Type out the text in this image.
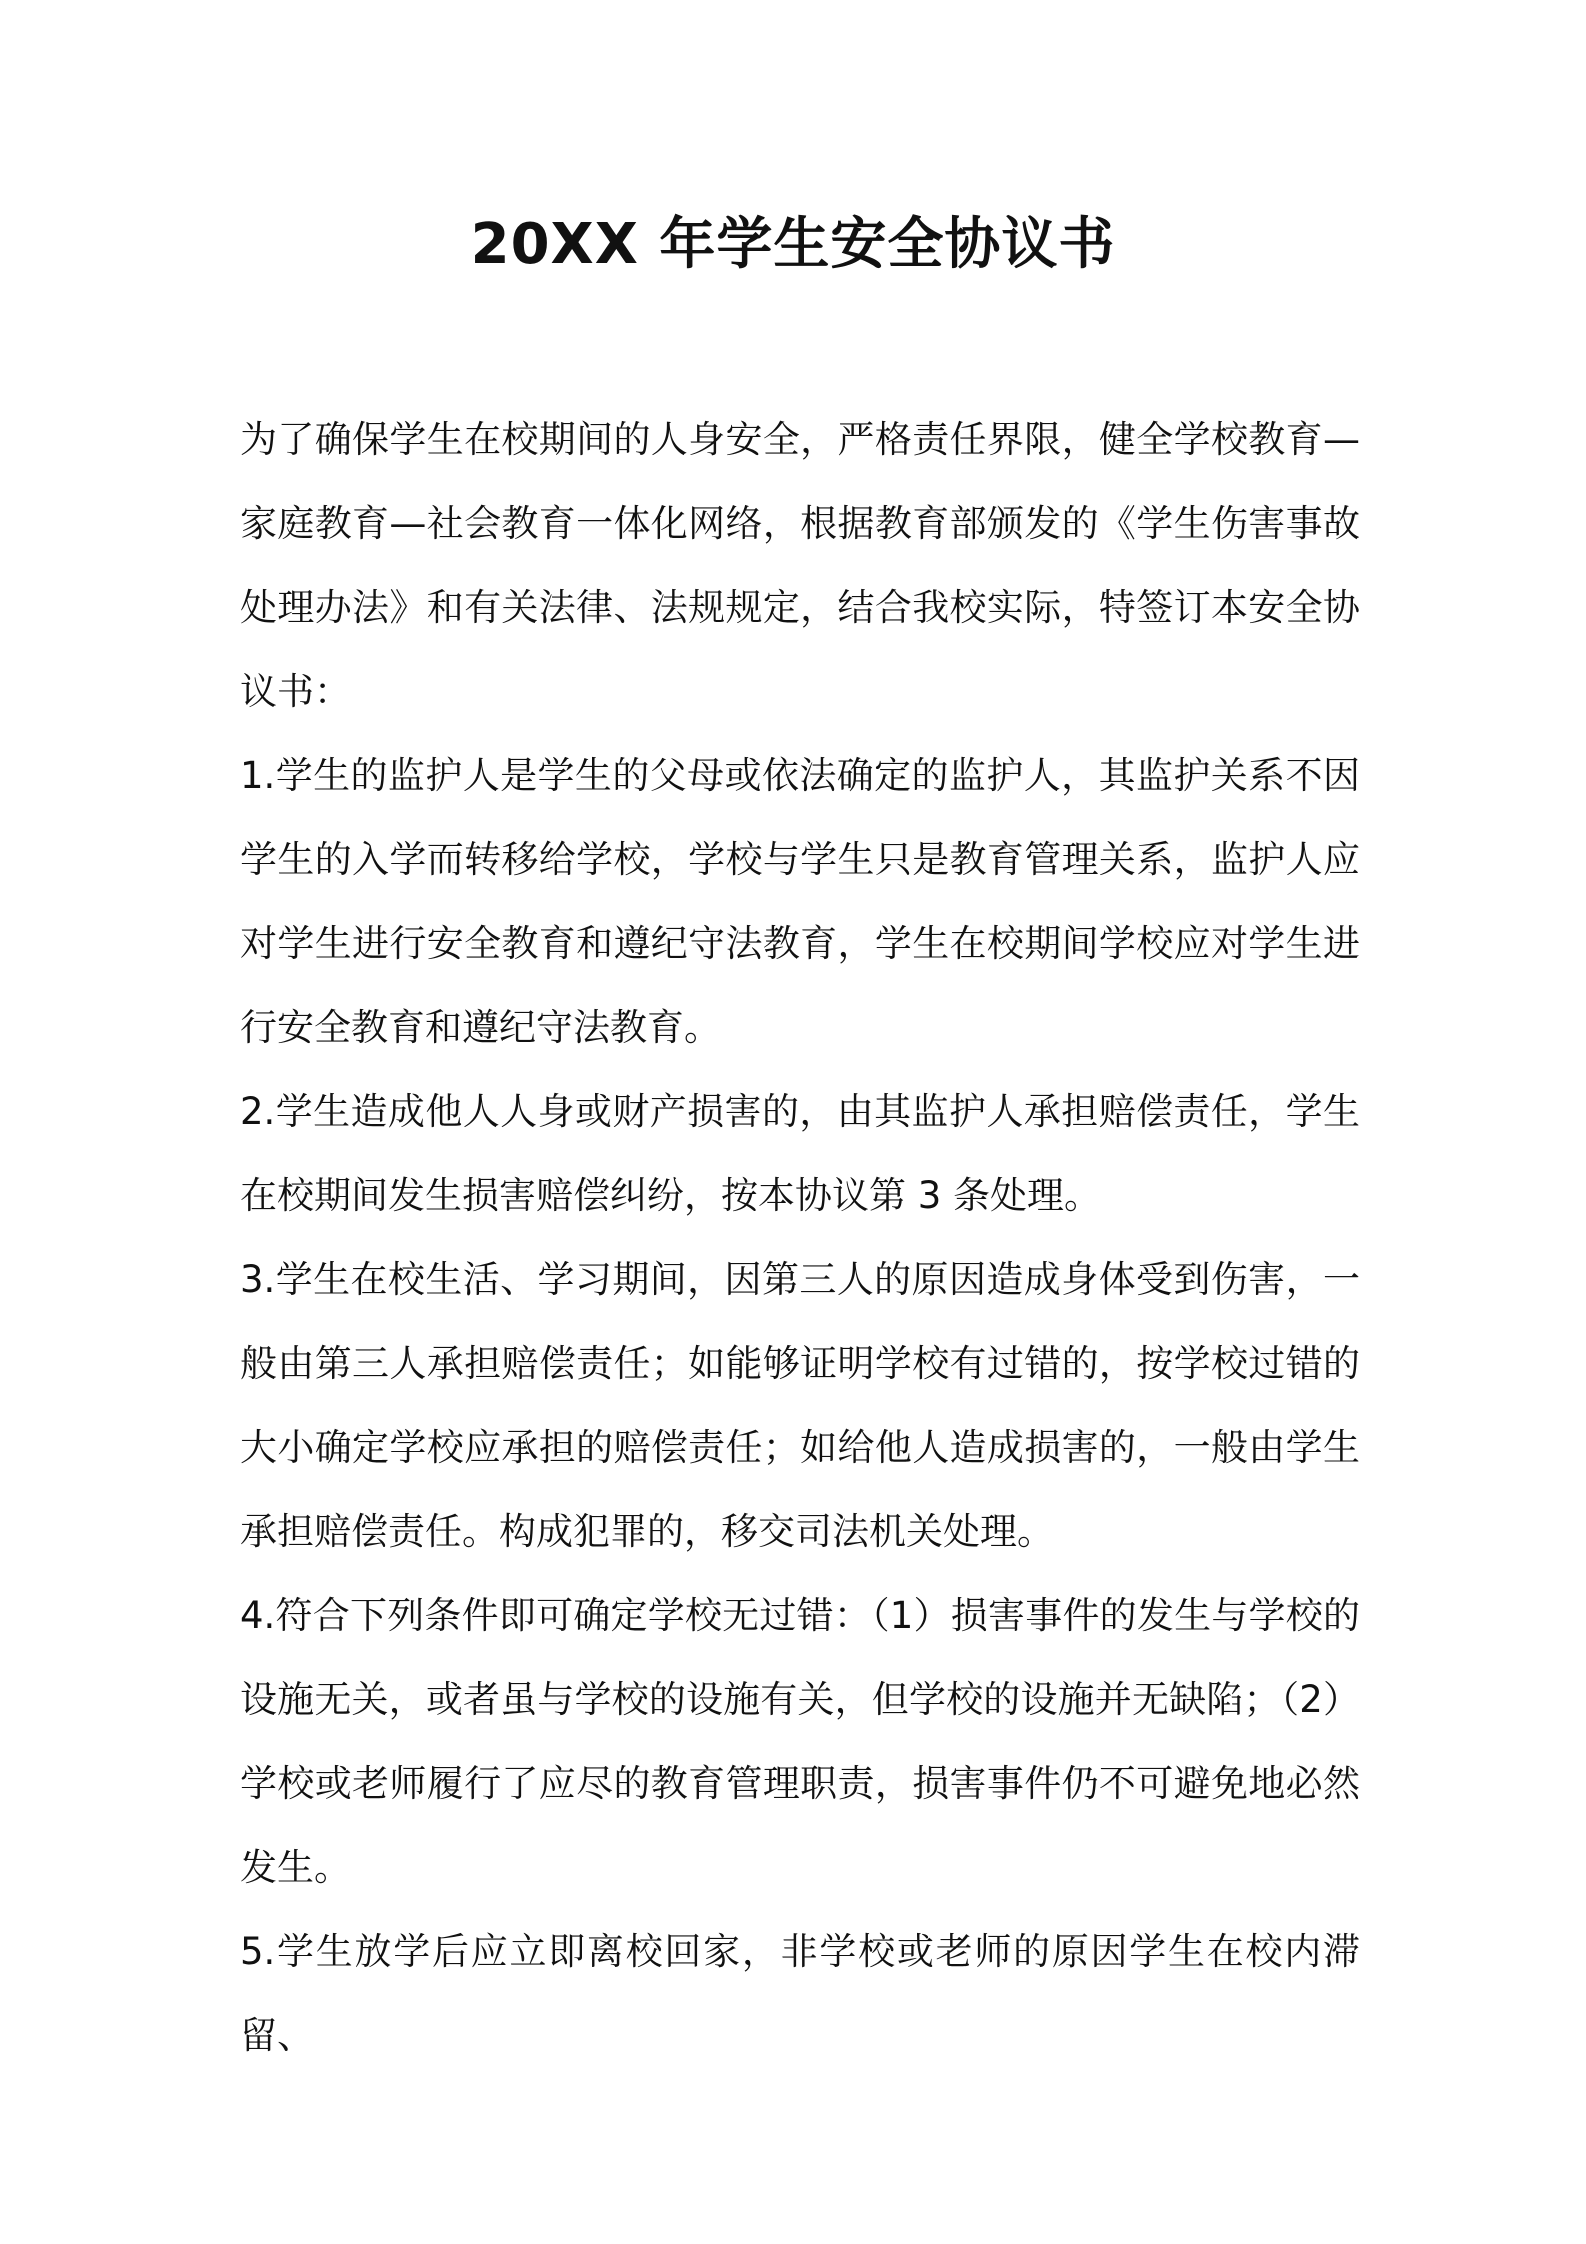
20XX 年学生安全协议书

为了确保学生在校期间的人身安全，严格责任界限，健全学校教育—家庭教育—社会教育一体化网络，根据教育部颁发的《学生伤害事故处理办法》和有关法律、法规规定，结合我校实际，特签订本安全协议书：

1.学生的监护人是学生的父母或依法确定的监护人，其监护关系不因学生的入学而转移给学校，学校与学生只是教育管理关系，监护人应对学生进行安全教育和遵纪守法教育，学生在校期间学校应对学生进行安全教育和遵纪守法教育。

2.学生造成他人人身或财产损害的，由其监护人承担赔偿责任，学生在校期间发生损害赔偿纠纷，按本协议第 3 条处理。

3.学生在校生活、学习期间，因第三人的原因造成身体受到伤害，一般由第三人承担赔偿责任；如能够证明学校有过错的，按学校过错的大小确定学校应承担的赔偿责任；如给他人造成损害的，一般由学生承担赔偿责任。构成犯罪的，移交司法机关处理。

4.符合下列条件即可确定学校无过错：（1）损害事件的发生与学校的设施无关，或者虽与学校的设施有关，但学校的设施并无缺陷；（2）学校或老师履行了应尽的教育管理职责，损害事件仍不可避免地必然发生。

5.学生放学后应立即离校回家，非学校或老师的原因学生在校内滞留、
